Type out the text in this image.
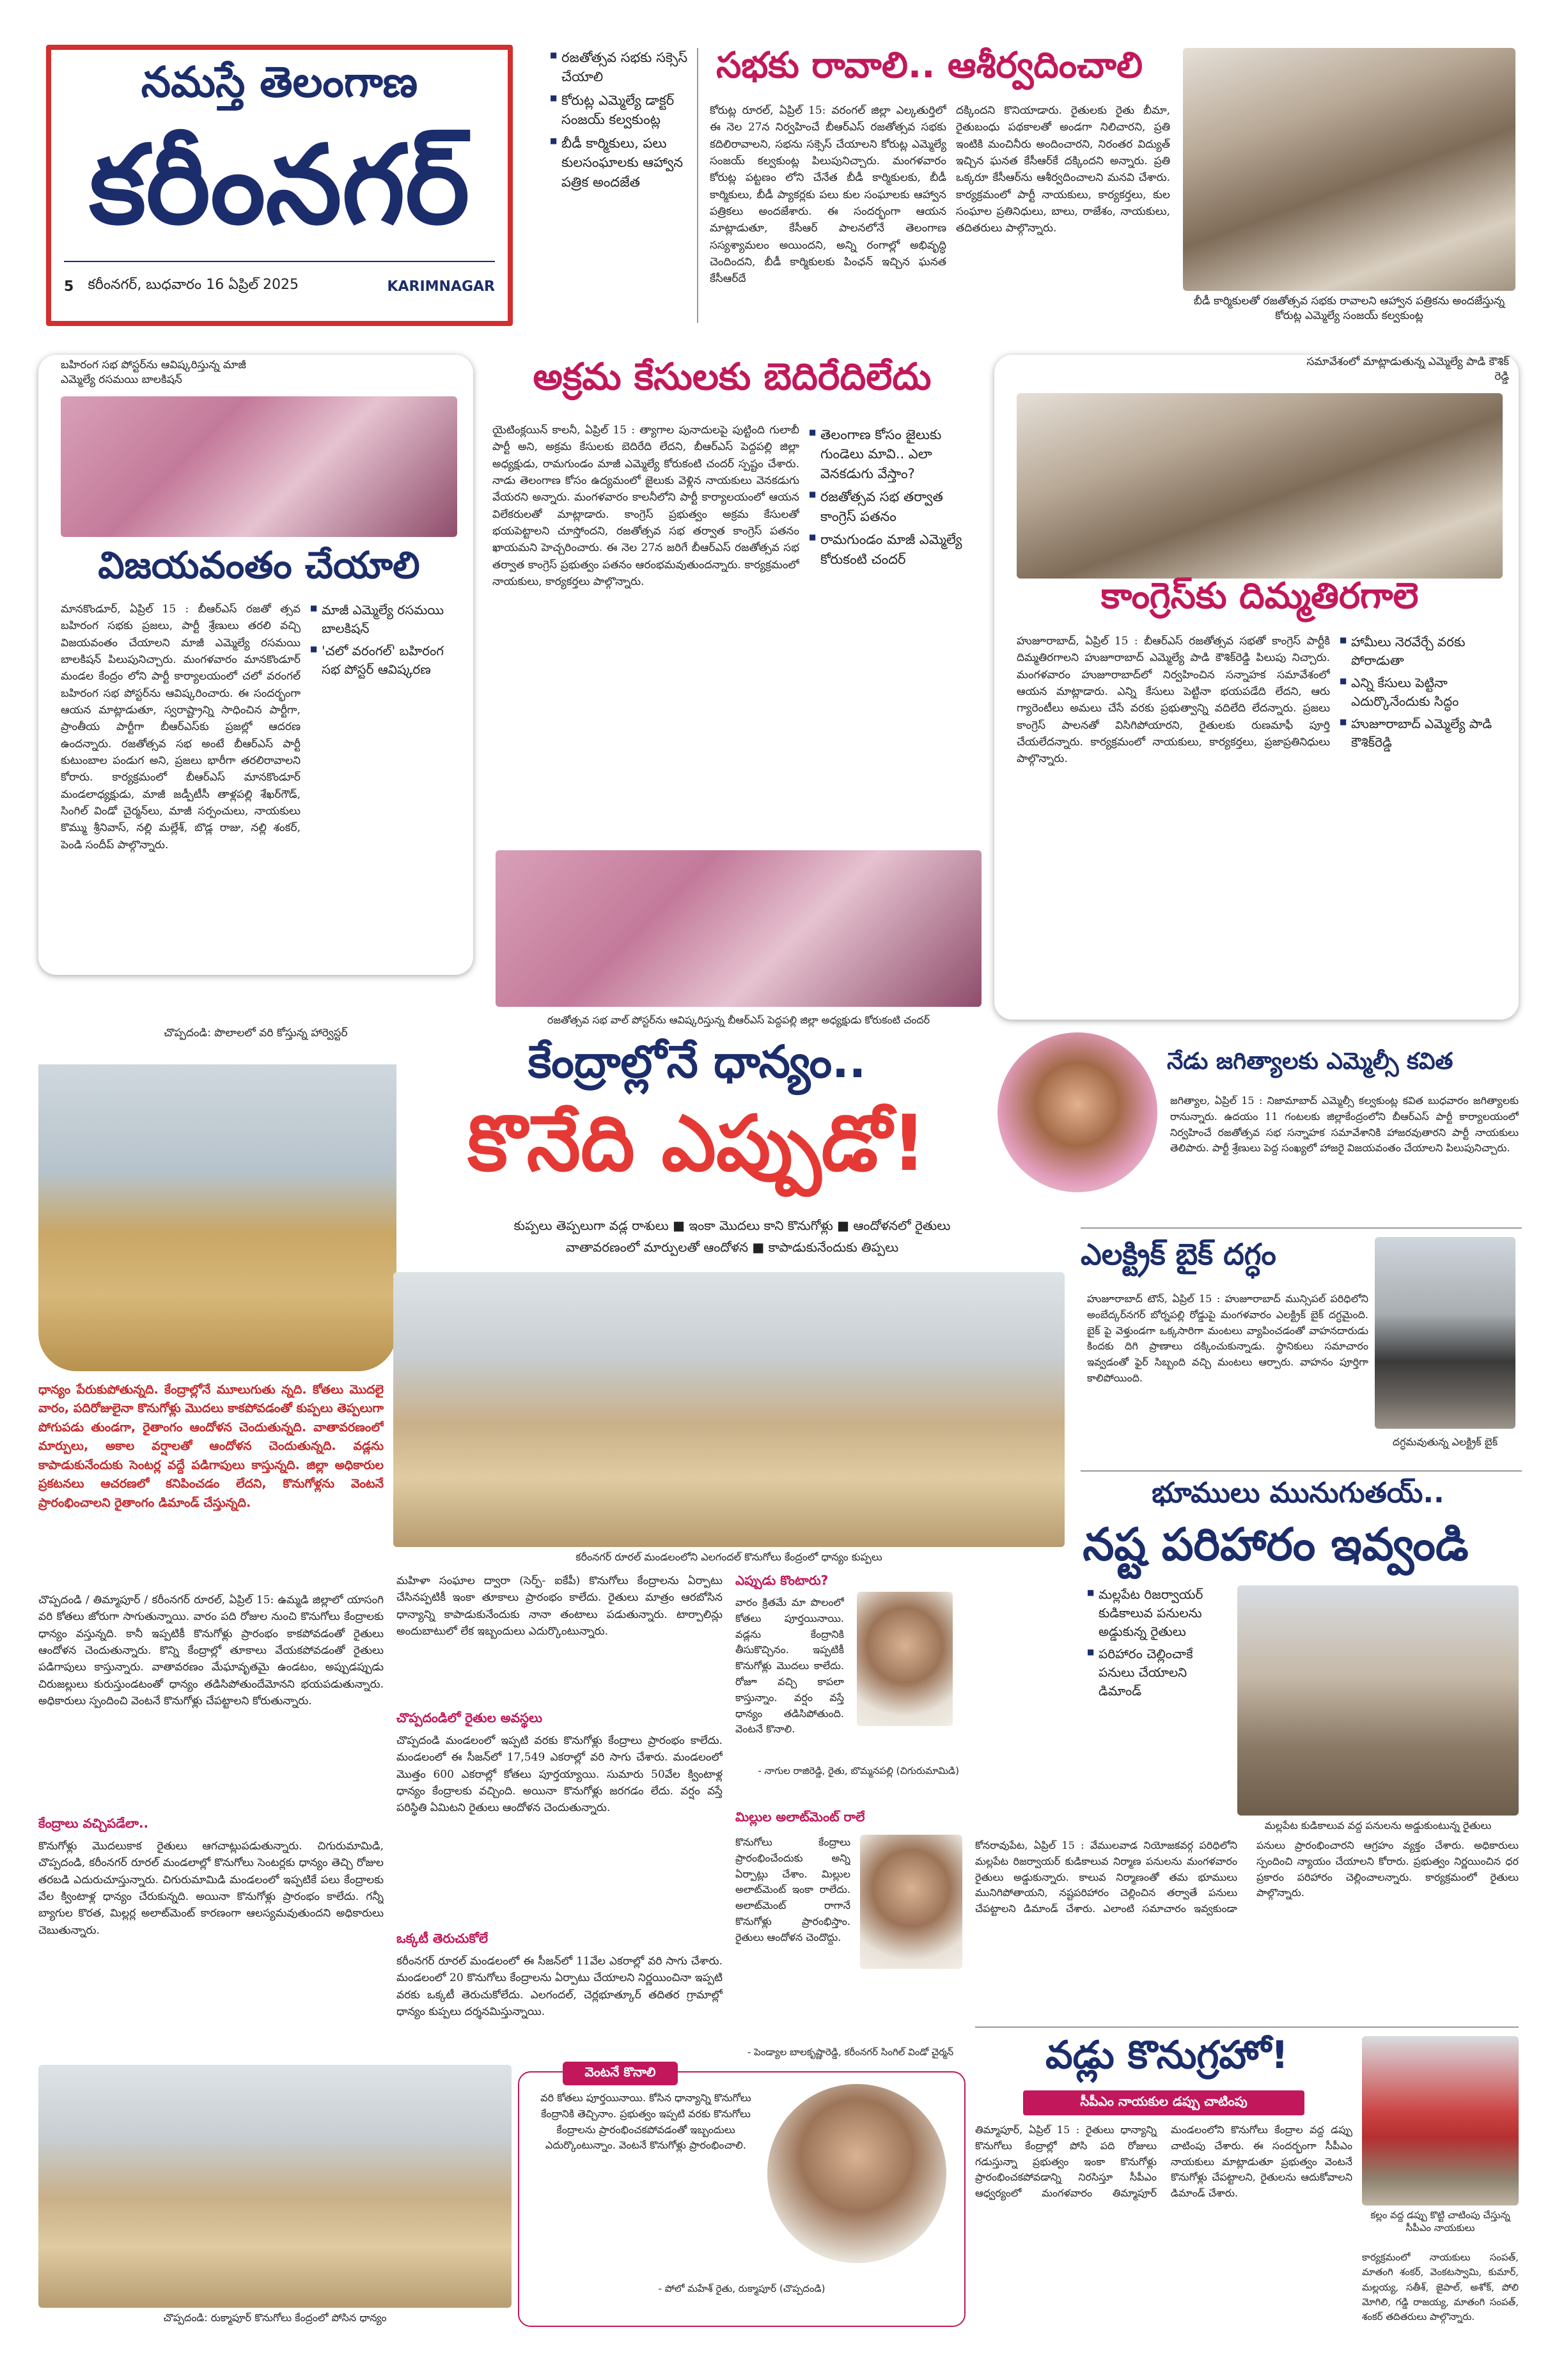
నమస్తే తెలంగాణ
కరీంనగర్
5 కరీంనగర్, బుధవారం 16 ఏప్రిల్ 2025	KARIMNAGAR
■ రజతోత్సవ సభకు సక్సెస్ చేయాలి
■ కోరుట్ల ఎమ్మెల్యే డాక్టర్ సంజయ్ కల్వకుంట్ల
■ బీడీ కార్మికులు, పలు కులసంఘాలకు ఆహ్వాన పత్రిక అందజేత
సభకు రావాలి.. ఆశీర్వదించాలి
కోరుట్ల రూరల్‌, ఏప్రిల్‌ 15: వరంగల్‌ జిల్లా ఎల్కతుర్తిలో ఈ నెల 27న నిర్వహించే బీఆర్‌ఎస్‌ రజతోత్సవ సభకు కదిలిరావాలని, సభను సక్సెస్‌ చేయాలని కోరుట్ల ఎమ్మెల్యే సంజయ్‌ కల్వకుంట్ల పిలుపునిచ్చారు. మంగళవారం కోరుట్ల పట్టణం లోని చేనేత బీడీ కార్మికులకు, బీడీ కార్మికులు, బీడీ ప్యాకర్లకు పలు కుల సంఘాలకు ఆహ్వాన పత్రికలు అందజేశారు. ఈ సందర్భంగా ఆయన మాట్లాడుతూ, కేసీఆర్‌ పాలనలోనే తెలంగాణ సస్యశ్యామలం అయిందని, అన్ని రంగాల్లో అభివృద్ధి చెందిందని, బీడీ కార్మికులకు పింఛన్‌ ఇచ్చిన ఘనత కేసీఆర్‌దే
దక్కిందని కొనియాడారు. రైతులకు రైతు బీమా, రైతుబంధు పథకాలతో అండగా నిలిచారని, ప్రతి ఇంటికి మంచినీరు అందించారని, నిరంతర విద్యుత్‌ ఇచ్చిన ఘనత కేసీఆర్‌కే దక్కిందని అన్నారు. ప్రతి ఒక్కరూ కేసీఆర్‌ను ఆశీర్వదించాలని మనవి చేశారు. కార్యక్రమంలో పార్టీ నాయకులు, కార్యకర్తలు, కుల సంఘాల ప్రతినిధులు, బాలు, రాజేశం, నాయకులు, తదితరులు పాల్గొన్నారు.
బీడీ కార్మికులతో రజతోత్సవ సభకు రావాలని ఆహ్వాన పత్రికను అందజేస్తున్న కోరుట్ల ఎమ్మెల్యే సంజయ్‌ కల్వకుంట్ల
బహిరంగ సభ పోస్టర్‌ను ఆవిష్కరిస్తున్న మాజీ ఎమ్మెల్యే రసమయి బాలకిషన్‌
విజయవంతం చేయాలి
మానకొండూర్‌, ఏప్రిల్‌ 15 : బీఆర్‌ఎస్‌ రజతో త్సవ బహిరంగ సభకు ప్రజలు, పార్టీ శ్రేణులు తరలి వచ్చి విజయవంతం చేయాలని మాజీ ఎమ్మెల్యే రసమయి బాలకిషన్‌ పిలుపునిచ్చారు. మంగళవారం మానకొండూర్‌ మండల కేంద్రం లోని పార్టీ కార్యాలయంలో చలో వరంగల్‌ బహిరంగ సభ పోస్టర్‌ను ఆవిష్కరించారు. ఈ సందర్భంగా ఆయన మాట్లాడుతూ, స్వరాష్ట్రాన్ని సాధించిన పార్టీగా, ప్రాంతీయ పార్టీగా బీఆర్‌ఎస్‌కు ప్రజల్లో ఆదరణ ఉందన్నారు. రజతోత్సవ సభ అంటే బీఆర్‌ఎస్‌ పార్టీ కుటుంబాల పండుగ అని, ప్రజలు భారీగా తరలిరావాలని కోరారు. కార్యక్రమంలో బీఆర్‌ఎస్‌ మానకొండూర్‌ మండలాధ్యక్షుడు, మాజీ జడ్పీటీసీ తాళ్లపల్లి శేఖర్‌గౌడ్‌, సింగిల్‌ విండో చైర్మన్‌లు, మాజీ సర్పంచులు, నాయకులు కొమ్ము శ్రీనివాస్‌, నల్లి మల్లేశ్‌, బొడ్ల రాజు, నల్లి శంకర్‌, పెండి సందీప్‌ పాల్గొన్నారు.
■ మాజీ ఎమ్మెల్యే రసమయి బాలకిషన్‌
■ 'చలో వరంగల్‌' బహిరంగ సభ పోస్టర్‌ ఆవిష్కరణ
అక్రమ కేసులకు బెదిరేదిలేదు
యైటింక్లయిన్‌ కాలనీ, ఏప్రిల్‌ 15 : త్యాగాల పునాదులపై పుట్టింది గులాబీ పార్టీ అని, అక్రమ కేసులకు బెదిరేది లేదని, బీఆర్‌ఎస్‌ పెద్దపల్లి జిల్లా అధ్యక్షుడు, రామగుండం మాజీ ఎమ్మెల్యే కోరుకంటి చందర్‌ స్పష్టం చేశారు. నాడు తెలంగాణ కోసం ఉద్యమంలో జైలుకు వెళ్లిన నాయకులు వెనకడుగు వేయరని అన్నారు. మంగళవారం కాలనీలోని పార్టీ కార్యాలయంలో ఆయన విలేకరులతో మాట్లాడారు. కాంగ్రెస్‌ ప్రభుత్వం అక్రమ కేసులతో భయపెట్టాలని చూస్తోందని, రజతోత్సవ సభ తర్వాత కాంగ్రెస్‌ పతనం ఖాయమని హెచ్చరించారు. ఈ నెల 27న జరిగే బీఆర్‌ఎస్‌ రజతోత్సవ సభ తర్వాత కాంగ్రెస్‌ ప్రభుత్వం పతనం ఆరంభమవుతుందన్నారు. కార్యక్రమంలో నాయకులు, కార్యకర్తలు పాల్గొన్నారు.
■ తెలంగాణ కోసం జైలుకు గుండెలు మావి.. ఎలా వెనకడుగు వేస్తాం?
■ రజతోత్సవ సభ తర్వాత కాంగ్రెస్‌ పతనం
■ రామగుండం మాజీ ఎమ్మెల్యే కోరుకంటి చందర్‌
రజతోత్సవ సభ వాల్‌ పోస్టర్‌ను ఆవిష్కరిస్తున్న బీఆర్‌ఎస్‌ పెద్దపల్లి జిల్లా అధ్యక్షుడు కోరుకంటి చందర్‌
సమావేశంలో మాట్లాడుతున్న ఎమ్మెల్యే పాడి కౌశిక్‌ రెడ్డి
కాంగ్రెస్‌కు దిమ్మతిరగాలె
హుజూరాబాద్‌, ఏప్రిల్‌ 15 : బీఆర్‌ఎస్‌ రజతోత్సవ సభతో కాంగ్రెస్‌ పార్టీకి దిమ్మతిరగాలని హుజూరాబాద్‌ ఎమ్మెల్యే పాడి కౌశిక్‌రెడ్డి పిలుపు నిచ్చారు. మంగళవారం హుజూరాబాద్‌లో నిర్వహించిన సన్నాహక సమావేశంలో ఆయన మాట్లాడారు. ఎన్ని కేసులు పెట్టినా భయపడేది లేదని, ఆరు గ్యారెంటీలు అమలు చేసే వరకు ప్రభుత్వాన్ని వదిలేది లేదన్నారు. ప్రజలు కాంగ్రెస్‌ పాలనతో విసిగిపోయారని, రైతులకు రుణమాఫీ పూర్తి చేయలేదన్నారు. కార్యక్రమంలో నాయకులు, కార్యకర్తలు, ప్రజాప్రతినిధులు పాల్గొన్నారు.
■ హామీలు నెరవేర్చే వరకు పోరాడుతా
■ ఎన్ని కేసులు పెట్టినా ఎదుర్కొనేందుకు సిద్ధం
■ హుజూరాబాద్‌ ఎమ్మెల్యే పాడి కౌశిక్‌రెడ్డి
చొప్పదండి: పొలాలలో వరి కోస్తున్న హార్వెస్టర్‌
కేంద్రాల్లోనే ధాన్యం..
కొనేది ఎప్పుడో!
కుప్పలు తెప్పలుగా వడ్ల రాశులు ■ ఇంకా మొదలు కాని కొనుగోళ్లు ■ ఆందోళనలో రైతులు
వాతావరణంలో మార్పులతో ఆందోళన ■ కాపాడుకునేందుకు తిప్పలు
కరీంనగర్‌ రూరల్‌ మండలంలోని ఎలగందల్‌ కొనుగోలు కేంద్రంలో ధాన్యం కుప్పలు
ధాన్యం పేరుకుపోతున్నది. కేంద్రాల్లోనే మూలుగుతు న్నది. కోతలు మొదలై వారం, పదిరోజులైనా కొనుగోళ్లు మొదలు కాకపోవడంతో కుప్పలు తెప్పలుగా పోగుపడు తుండగా, రైతాంగం ఆందోళన చెందుతున్నది. వాతావరణంలో మార్పులు, అకాల వర్షాలతో ఆందోళన చెందుతున్నది. వడ్లను కాపాడుకునేందుకు సెంటర్ల వద్దే పడిగాపులు కాస్తున్నది. జిల్లా అధికారుల ప్రకటనలు ఆచరణలో కనిపించడం లేదని, కొనుగోళ్లను వెంటనే ప్రారంభించాలని రైతాంగం డిమాండ్‌ చేస్తున్నది.
చొప్పదండి / తిమ్మాపూర్‌ / కరీంనగర్‌ రూరల్‌, ఏప్రిల్‌ 15: ఉమ్మడి జిల్లాలో యాసంగి వరి కోతలు జోరుగా సాగుతున్నాయి. వారం పది రోజుల నుంచి కొనుగోలు కేంద్రాలకు ధాన్యం వస్తున్నది. కానీ ఇప్పటికీ కొనుగోళ్లు ప్రారంభం కాకపోవడంతో రైతులు ఆందోళన చెందుతున్నారు. కొన్ని కేంద్రాల్లో తూకాలు వేయకపోవడంతో రైతులు పడిగాపులు కాస్తున్నారు. వాతావరణం మేఘావృతమై ఉండటం, అప్పుడప్పుడు చిరుజల్లులు కురుస్తుండటంతో ధాన్యం తడిసిపోతుందేమోనని భయపడుతున్నారు. అధికారులు స్పందించి వెంటనే కొనుగోళ్లు చేపట్టాలని కోరుతున్నారు.
కేంద్రాలు వచ్చిపడేలా..
కొనుగోళ్లు మొదలుకాక రైతులు ఆగచాట్లుపడుతున్నారు. చిగురుమామిడి, చొప్పదండి, కరీంనగర్‌ రూరల్‌ మండలాల్లో కొనుగోలు సెంటర్లకు ధాన్యం తెచ్చి రోజుల తరబడి ఎదురుచూస్తున్నారు. చిగురుమామిడి మండలంలో ఇప్పటికే పలు కేంద్రాలకు వేల క్వింటాళ్ల ధాన్యం చేరుకున్నది. అయినా కొనుగోళ్లు ప్రారంభం కాలేదు. గన్నీ బ్యాగుల కొరత, మిల్లర్ల అలాట్‌మెంట్‌ కారణంగా ఆలస్యమవుతుందని అధికారులు చెబుతున్నారు.
మహిళా సంఘాల ద్వారా (సెర్ప్‌- ఐకేపీ) కొనుగోలు కేంద్రాలను ఏర్పాటు చేసినప్పటికీ ఇంకా తూకాలు ప్రారంభం కాలేదు. రైతులు మాత్రం ఆరబోసిన ధాన్యాన్ని కాపాడుకునేందుకు నానా తంటాలు పడుతున్నారు. టార్పాలిన్లు అందుబాటులో లేక ఇబ్బందులు ఎదుర్కొంటున్నారు.
చొప్పదండిలో రైతుల అవస్థలు
చొప్పదండి మండలంలో ఇప్పటి వరకు కొనుగోళ్లు కేంద్రాలు ప్రారంభం కాలేదు. మండలంలో ఈ సీజన్‌లో 17,549 ఎకరాల్లో వరి సాగు చేశారు. మండలంలో మొత్తం 600 ఎకరాల్లో కోతలు పూర్తయ్యాయి. సుమారు 50వేల క్వింటాళ్ల ధాన్యం కేంద్రాలకు వచ్చింది. అయినా కొనుగోళ్లు జరగడం లేదు. వర్షం వస్తే పరిస్థితి ఏమిటని రైతులు ఆందోళన చెందుతున్నారు.
ఒక్కటీ తెరుచుకోలే
కరీంనగర్‌ రూరల్‌ మండలంలో ఈ సీజన్‌లో 11వేల ఎకరాల్లో వరి సాగు చేశారు. మండలంలో 20 కొనుగోలు కేంద్రాలను ఏర్పాటు చేయాలని నిర్ణయించినా ఇప్పటి వరకు ఒక్కటీ తెరుచుకోలేదు. ఎలగందల్‌, చెర్లభూత్కూర్‌ తదితర గ్రామాల్లో ధాన్యం కుప్పలు దర్శనమిస్తున్నాయి.
చొప్పదండి: రుక్మాపూర్‌ కొనుగోలు కేంద్రంలో పోసిన ధాన్యం
ఎప్పుడు కొంటారు?
వారం క్రితమే మా పొలంలో కోతలు పూర్తయినాయి. వడ్లను కేంద్రానికి తీసుకొచ్చినం. ఇప్పటికీ కొనుగోళ్లు మొదలు కాలేదు. రోజూ వచ్చి కాపలా కాస్తున్నాం. వర్షం వస్తే ధాన్యం తడిసిపోతుంది. వెంటనే కొనాలి.
- నాగుల రాజిరెడ్డి, రైతు, బొమ్మనపల్లి (చిగురుమామిడి)
మిల్లుల అలాట్‌మెంట్‌ రాలే
కొనుగోలు కేంద్రాలు ప్రారంభించేందుకు అన్ని ఏర్పాట్లు చేశాం. మిల్లుల అలాట్‌మెంట్‌ ఇంకా రాలేదు. అలాట్‌మెంట్‌ రాగానే కొనుగోళ్లు ప్రారంభిస్తాం. రైతులు ఆందోళన చెందొద్దు.
- పెండ్యాల బాలకృష్ణారెడ్డి, కరీంనగర్‌ సింగిల్‌ విండో చైర్మన్‌
వెంటనే కొనాలి
వరి కోతలు పూర్తయినాయి. కోసిన ధాన్యాన్ని కొనుగోలు కేంద్రానికి తెచ్చినాం. ప్రభుత్వం ఇప్పటి వరకు కొనుగోలు కేంద్రాలను ప్రారంభించకపోవడంతో ఇబ్బందులు ఎదుర్కొంటున్నాం. వెంటనే కొనుగోళ్లు ప్రారంభించాలి.
- పోలో మహేశ్‌ రైతు, రుక్మాపూర్‌ (చొప్పదండి)
నేడు జగిత్యాలకు ఎమ్మెల్సీ కవిత
జగిత్యాల, ఏప్రిల్‌ 15 : నిజామాబాద్‌ ఎమ్మెల్సీ కల్వకుంట్ల కవిత బుధవారం జగిత్యాలకు రానున్నారు. ఉదయం 11 గంటలకు జిల్లాకేంద్రంలోని బీఆర్‌ఎస్‌ పార్టీ కార్యాలయంలో నిర్వహించే రజతోత్సవ సభ సన్నాహక సమావేశానికి హాజరవుతారని పార్టీ నాయకులు తెలిపారు. పార్టీ శ్రేణులు పెద్ద సంఖ్యలో హాజరై విజయవంతం చేయాలని పిలుపునిచ్చారు.
ఎలక్ట్రిక్‌ బైక్‌ దగ్ధం
హుజూరాబాద్‌ టౌన్‌, ఏప్రిల్‌ 15 : హుజూరాబాద్‌ మున్సిపల్‌ పరిధిలోని అంబేద్కర్‌నగర్‌ బోర్నపల్లి రోడ్డుపై మంగళవారం ఎలక్ట్రిక్‌ బైక్‌ దగ్ధమైంది. బైక్‌ పై వెళ్తుండగా ఒక్కసారిగా మంటలు వ్యాపించడంతో వాహనదారుడు కిందకు దిగి ప్రాణాలు దక్కించుకున్నాడు. స్థానికులు సమాచారం ఇవ్వడంతో ఫైర్‌ సిబ్బంది వచ్చి మంటలు ఆర్పారు. వాహనం పూర్తిగా కాలిపోయింది.
దగ్ధమవుతున్న ఎలక్ట్రిక్‌ బైక్‌
భూములు మునుగుతయ్‌..
నష్ట పరిహారం ఇవ్వండి
■ మల్లపేట రిజర్వాయర్‌ కుడికాలువ పనులను అడ్డుకున్న రైతులు
■ పరిహారం చెల్లించాకే పనులు చేయాలని డిమాండ్‌
మల్లపేట కుడికాలువ వద్ద పనులను అడ్డుకుంటున్న రైతులు
కోనరావుపేట, ఏప్రిల్‌ 15 : వేములవాడ నియోజకవర్గ పరిధిలోని మల్లపేట రిజర్వాయర్‌ కుడికాలువ నిర్మాణ పనులను మంగళవారం రైతులు అడ్డుకున్నారు. కాలువ నిర్మాణంతో తమ భూములు మునిగిపోతాయని, నష్టపరిహారం చెల్లించిన తర్వాతే పనులు చేపట్టాలని డిమాండ్‌ చేశారు. ఎలాంటి సమాచారం ఇవ్వకుండా పనులు ప్రారంభించారని ఆగ్రహం వ్యక్తం చేశారు. అధికారులు స్పందించి న్యాయం చేయాలని కోరారు. ప్రభుత్వం నిర్ణయించిన ధర ప్రకారం పరిహారం చెల్లించాలన్నారు. కార్యక్రమంలో రైతులు పాల్గొన్నారు.
వడ్లు కొనుగ్రహో!
సీపీఎం నాయకుల డప్పు చాటింపు
తిమ్మాపూర్‌, ఏప్రిల్‌ 15 : రైతులు ధాన్యాన్ని కొనుగోలు కేంద్రాల్లో పోసి పది రోజులు గడుస్తున్నా ప్రభుత్వం ఇంకా కొనుగోళ్లు ప్రారంభించకపోవడాన్ని నిరసిస్తూ సీపీఎం ఆధ్వర్యంలో మంగళవారం తిమ్మాపూర్‌ మండలంలోని కొనుగోలు కేంద్రాల వద్ద డప్పు చాటింపు చేశారు. ఈ సందర్భంగా సీపీఎం నాయకులు మాట్లాడుతూ ప్రభుత్వం వెంటనే కొనుగోళ్లు చేపట్టాలని, రైతులను ఆదుకోవాలని డిమాండ్‌ చేశారు.
కల్లం వద్ద డప్పు కొట్టి చాటింపు చేస్తున్న సీపీఎం నాయకులు
కార్యక్రమంలో నాయకులు సంపత్‌, మాతంగి శంకర్‌, వెంకటస్వామి, కుమార్‌, మల్లయ్య, సతీశ్‌, జైపాల్‌, అశోక్‌, పోలి మోగిలి, గడ్డి రాజయ్య, మాతంగి సంపత్‌, శంకర్‌ తదితరులు పాల్గొన్నారు.
